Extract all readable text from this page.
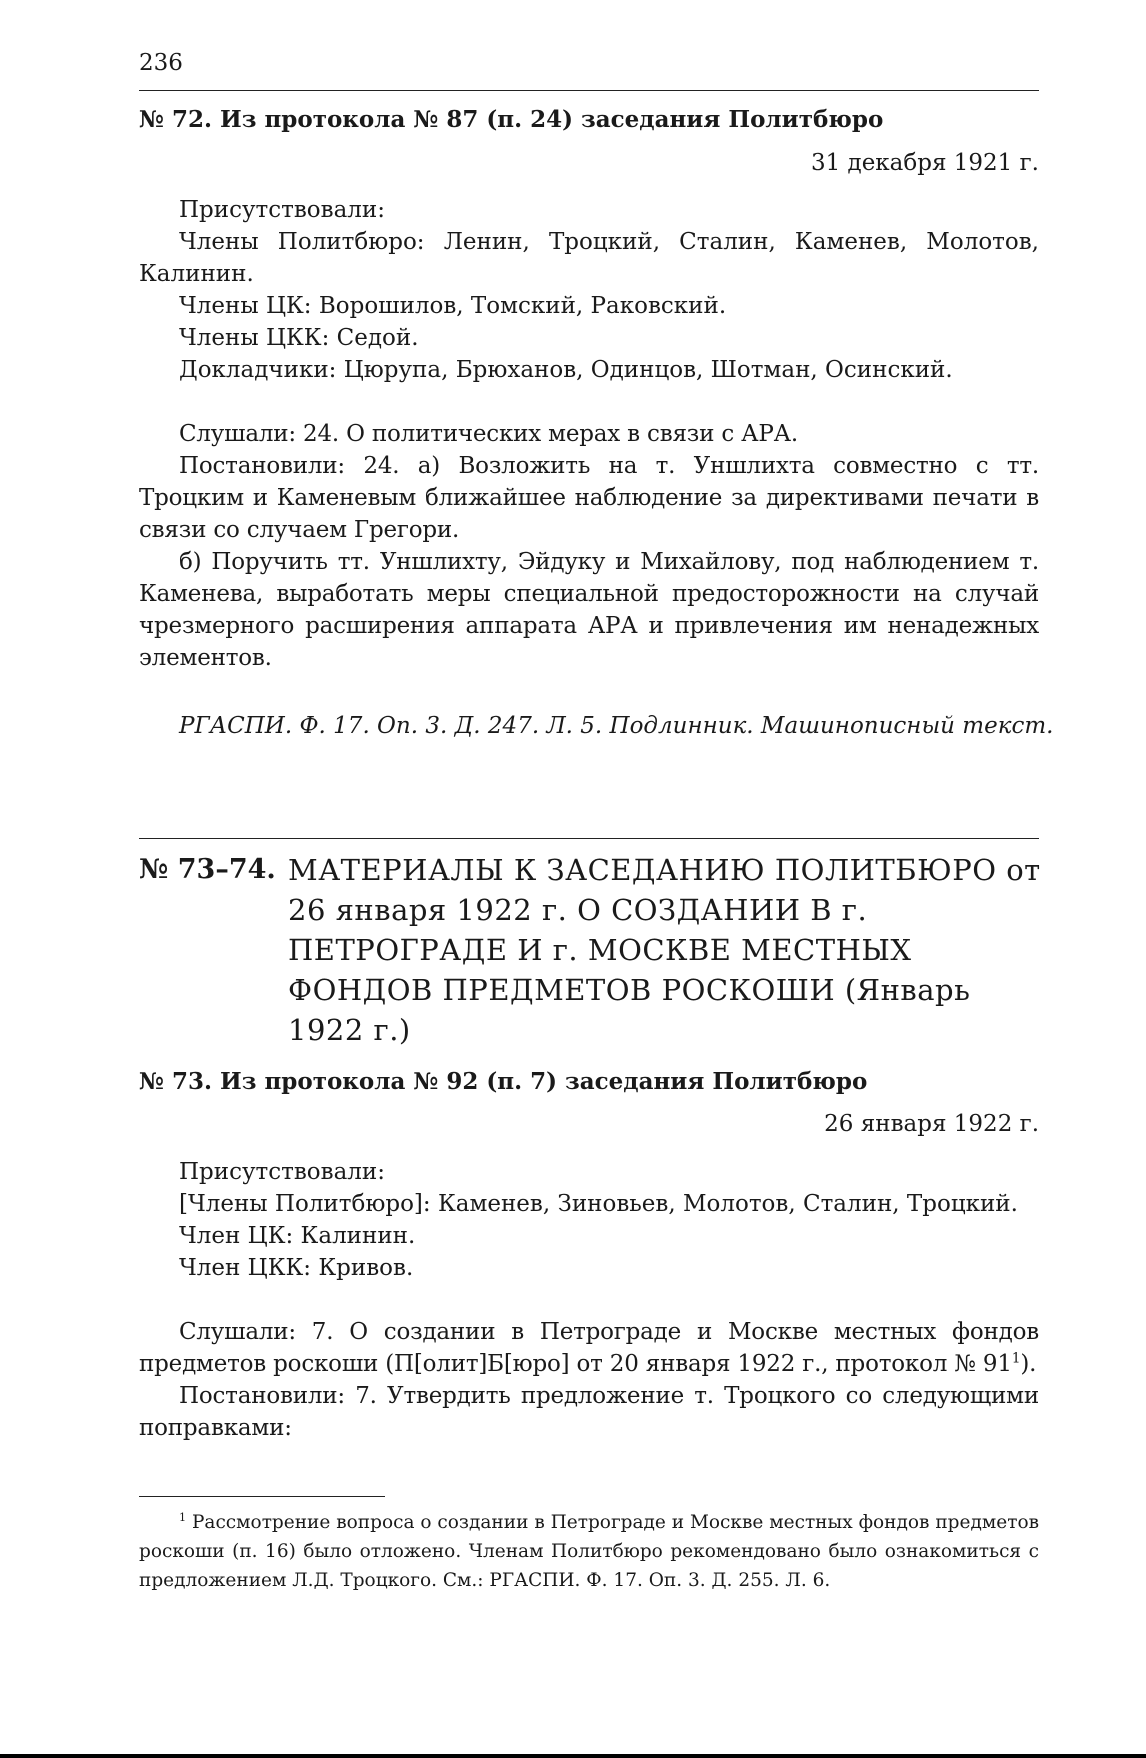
236
№ 72. Из протокола № 87 (п. 24) заседания Политбюро
31 декабря 1921 г.

Присутствовали:

Члены Политбюро: Ленин, Троцкий, Сталин, Каменев, Молотов, Калинин.

Члены ЦК: Ворошилов, Томский, Раковский.

Члены ЦКК: Седой.

Докладчики: Цюрупа, Брюханов, Одинцов, Шотман, Осинский.

Слушали: 24. О политических мерах в связи с АРА.

Постановили: 24. а) Возложить на т. Уншлихта совместно с тт. Троцким и Каменевым ближайшее наблюдение за директивами печати в связи со случаем Грегори.

б) Поручить тт. Уншлихту, Эйдуку и Михайлову, под наблюдением т. Каменева, выработать меры специальной предосторожности на случай чрезмерного расширения аппарата АРА и привлечения им ненадежных элементов.

РГАСПИ. Ф. 17. Оп. 3. Д. 247. Л. 5. Подлинник. Машинописный текст.
№ 73–74. МАТЕРИАЛЫ К ЗАСЕДАНИЮ ПОЛИТБЮРО от 26 января 1922 г. О СОЗДАНИИ В г. ПЕТРОГРАДЕ И г. МОСКВЕ МЕСТНЫХ ФОНДОВ ПРЕДМЕТОВ РОСКОШИ (Январь 1922 г.)
№ 73. Из протокола № 92 (п. 7) заседания Политбюро
26 января 1922 г.

Присутствовали:

[Члены Политбюро]: Каменев, Зиновьев, Молотов, Сталин, Троцкий.

Член ЦК: Калинин.

Член ЦКК: Кривов.

Слушали: 7. О создании в Петрограде и Москве местных фондов предметов роскоши (П[олит]Б[юро] от 20 января 1922 г., протокол № $91^1$).

Постановили: 7. Утвердить предложение т. Троцкого со следующими поправками:

$^1$ Рассмотрение вопроса о создании в Петрограде и Москве местных фондов предметов роскоши (п. 16) было отложено. Членам Политбюро рекомендовано было ознакомиться с предложением Л.Д. Троцкого. См.: РГАСПИ. Ф. 17. Оп. 3. Д. 255. Л. 6.
